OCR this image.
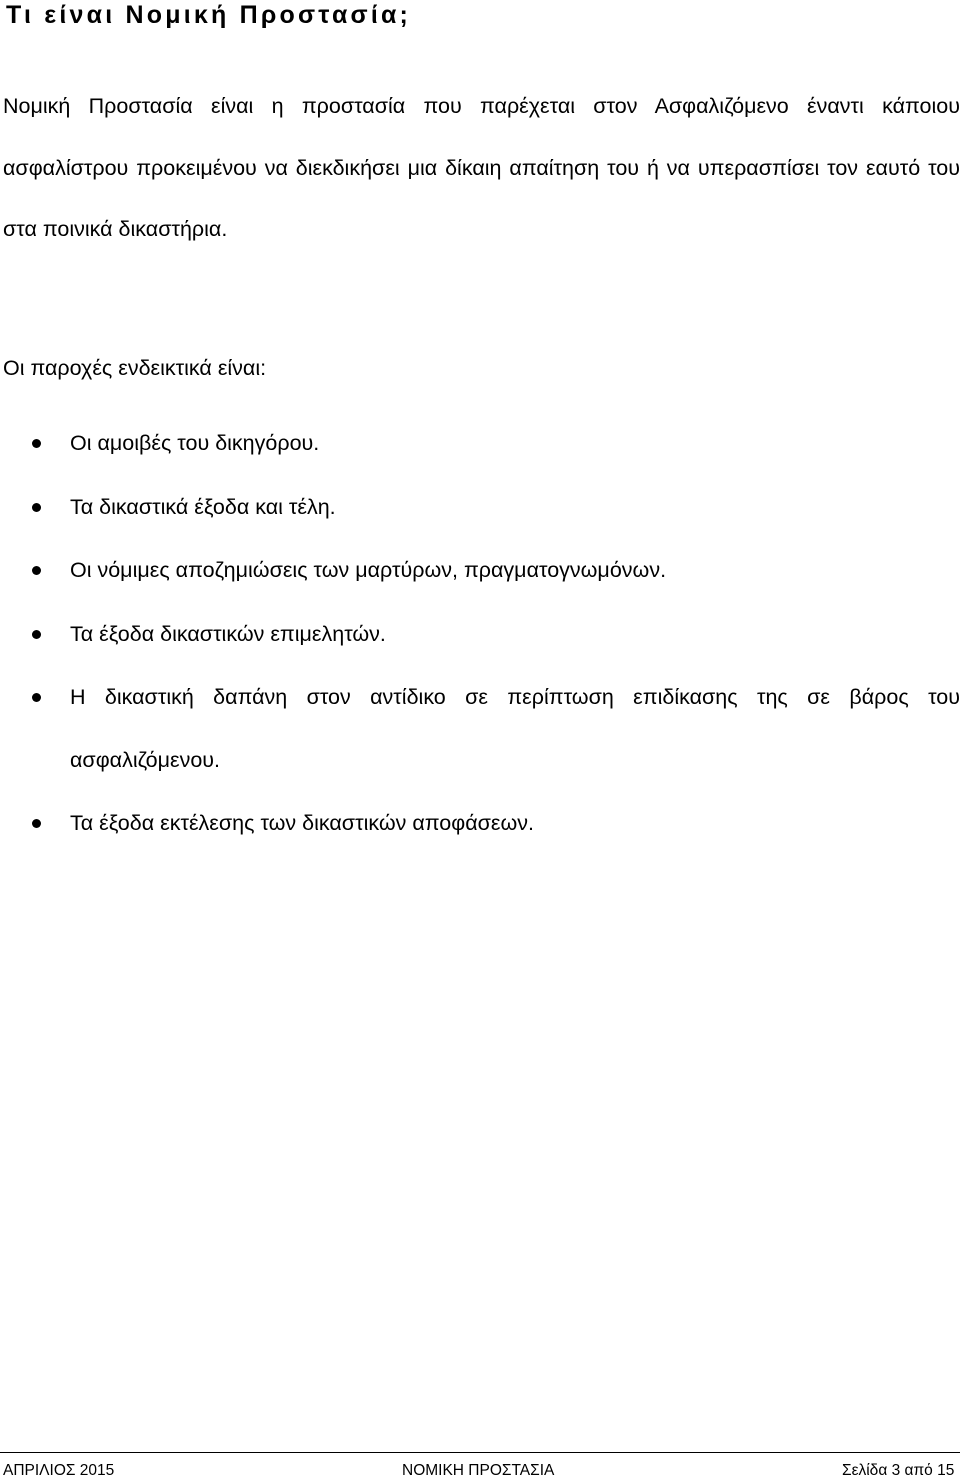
Τι είναι Νομική Προστασία;

Νομική Προστασία είναι η προστασία που παρέχεται στον Ασφαλιζόμενο έναντι κάποιου ασφαλίστρου προκειμένου να διεκδικήσει μια δίκαιη απαίτηση του ή να υπερασπίσει τον εαυτό του στα ποινικά δικαστήρια.

Οι παροχές ενδεικτικά είναι:

Οι αμοιβές του δικηγόρου.
Τα δικαστικά έξοδα και τέλη.
Οι νόμιμες αποζημιώσεις των μαρτύρων, πραγματογνωμόνων.
Τα έξοδα δικαστικών επιμελητών.
Η δικαστική δαπάνη στον αντίδικο σε περίπτωση επιδίκασης της σε βάρος του ασφαλιζόμενου.
Τα έξοδα εκτέλεσης των δικαστικών αποφάσεων.
ΑΠΡΙΛΙΟΣ 2015	ΝΟΜΙΚΗ ΠΡΟΣΤΑΣΙΑ	Σελίδα 3 από 15
